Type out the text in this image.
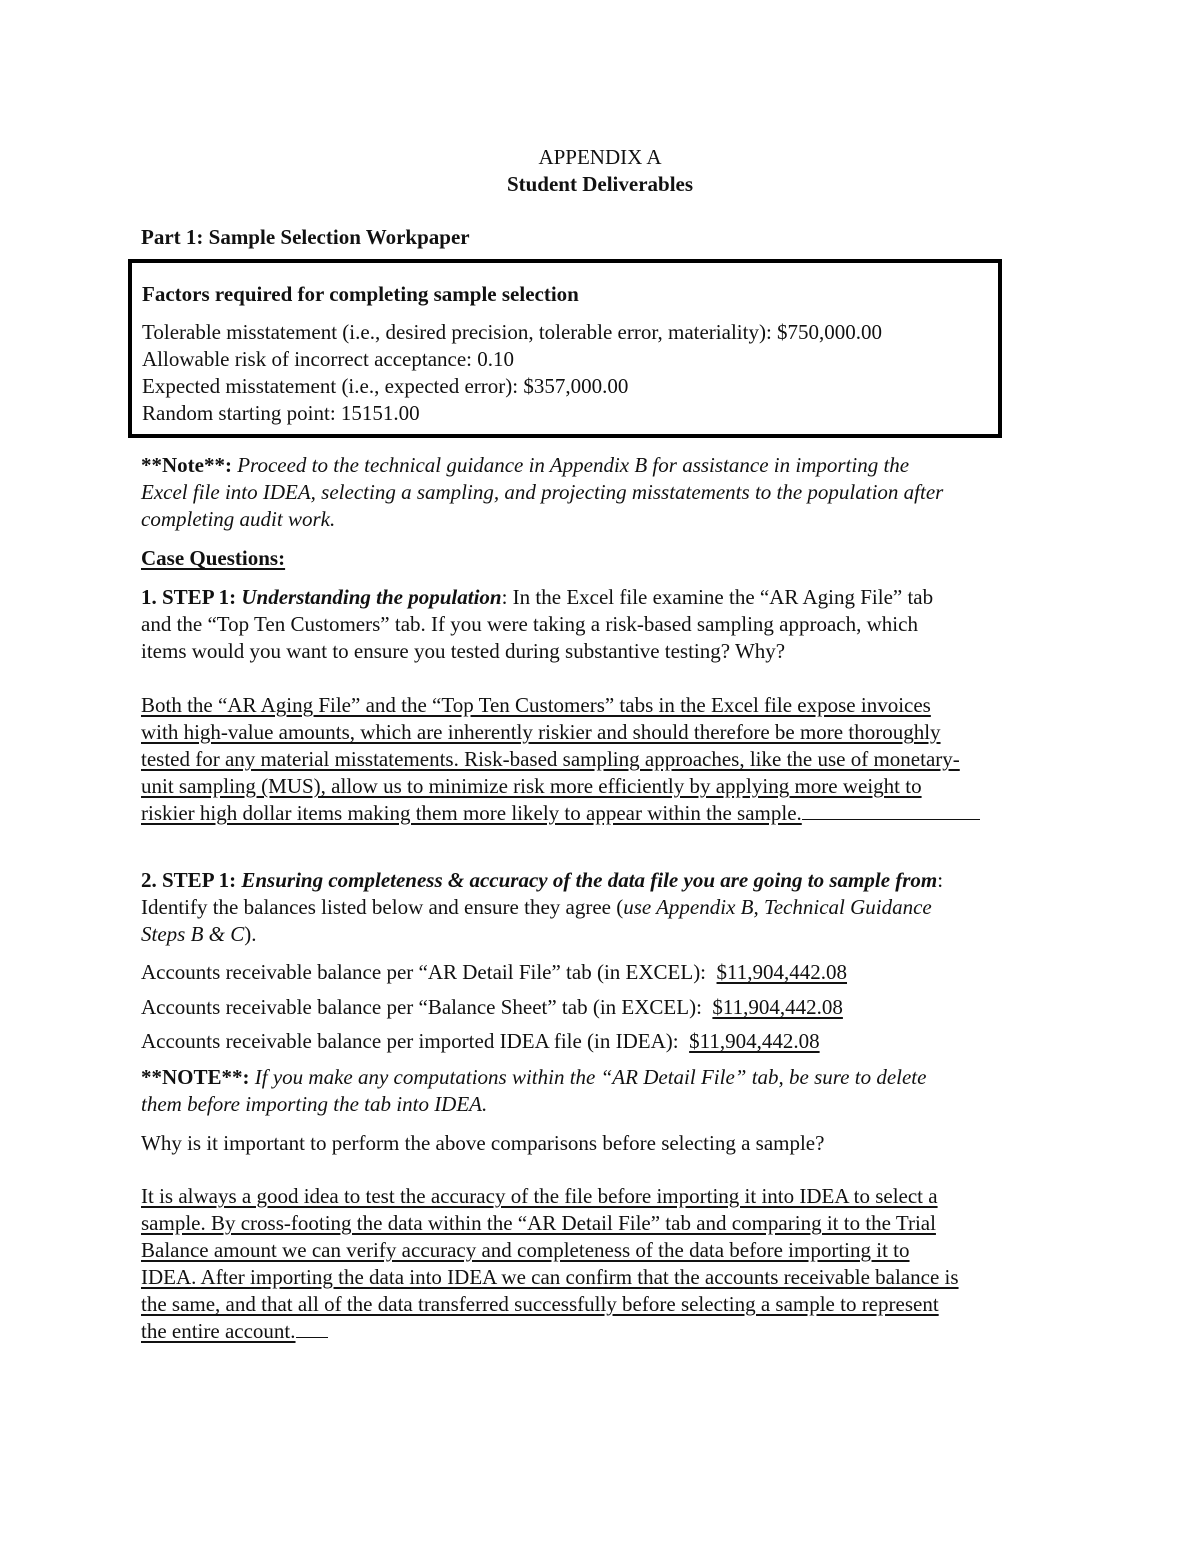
APPENDIX A
Student Deliverables
Part 1: Sample Selection Workpaper
Factors required for completing sample selection
Tolerable misstatement (i.e., desired precision, tolerable error, materiality): $750,000.00
Allowable risk of incorrect acceptance: 0.10
Expected misstatement (i.e., expected error): $357,000.00
Random starting point: 15151.00
**Note**: Proceed to the technical guidance in Appendix B for assistance in importing the
Excel file into IDEA, selecting a sampling, and projecting misstatements to the population after
completing audit work.
Case Questions:
1. STEP 1: Understanding the population: In the Excel file examine the “AR Aging File” tab
and the “Top Ten Customers” tab. If you were taking a risk-based sampling approach, which
items would you want to ensure you tested during substantive testing? Why?
Both the “AR Aging File” and the “Top Ten Customers” tabs in the Excel file expose invoices
with high-value amounts, which are inherently riskier and should therefore be more thoroughly
tested for any material misstatements. Risk-based sampling approaches, like the use of monetary-
unit sampling (MUS), allow us to minimize risk more efficiently by applying more weight to
riskier high dollar items making them more likely to appear within the sample.
2. STEP 1: Ensuring completeness & accuracy of the data file you are going to sample from:
Identify the balances listed below and ensure they agree (use Appendix B, Technical Guidance
Steps B & C).
Accounts receivable balance per “AR Detail File” tab (in EXCEL): $11,904,442.08
Accounts receivable balance per “Balance Sheet” tab (in EXCEL): $11,904,442.08
Accounts receivable balance per imported IDEA file (in IDEA): $11,904,442.08
**NOTE**: If you make any computations within the “AR Detail File” tab, be sure to delete
them before importing the tab into IDEA.
Why is it important to perform the above comparisons before selecting a sample?
It is always a good idea to test the accuracy of the file before importing it into IDEA to select a
sample. By cross-footing the data within the “AR Detail File” tab and comparing it to the Trial
Balance amount we can verify accuracy and completeness of the data before importing it to
IDEA. After importing the data into IDEA we can confirm that the accounts receivable balance is
the same, and that all of the data transferred successfully before selecting a sample to represent
the entire account.
